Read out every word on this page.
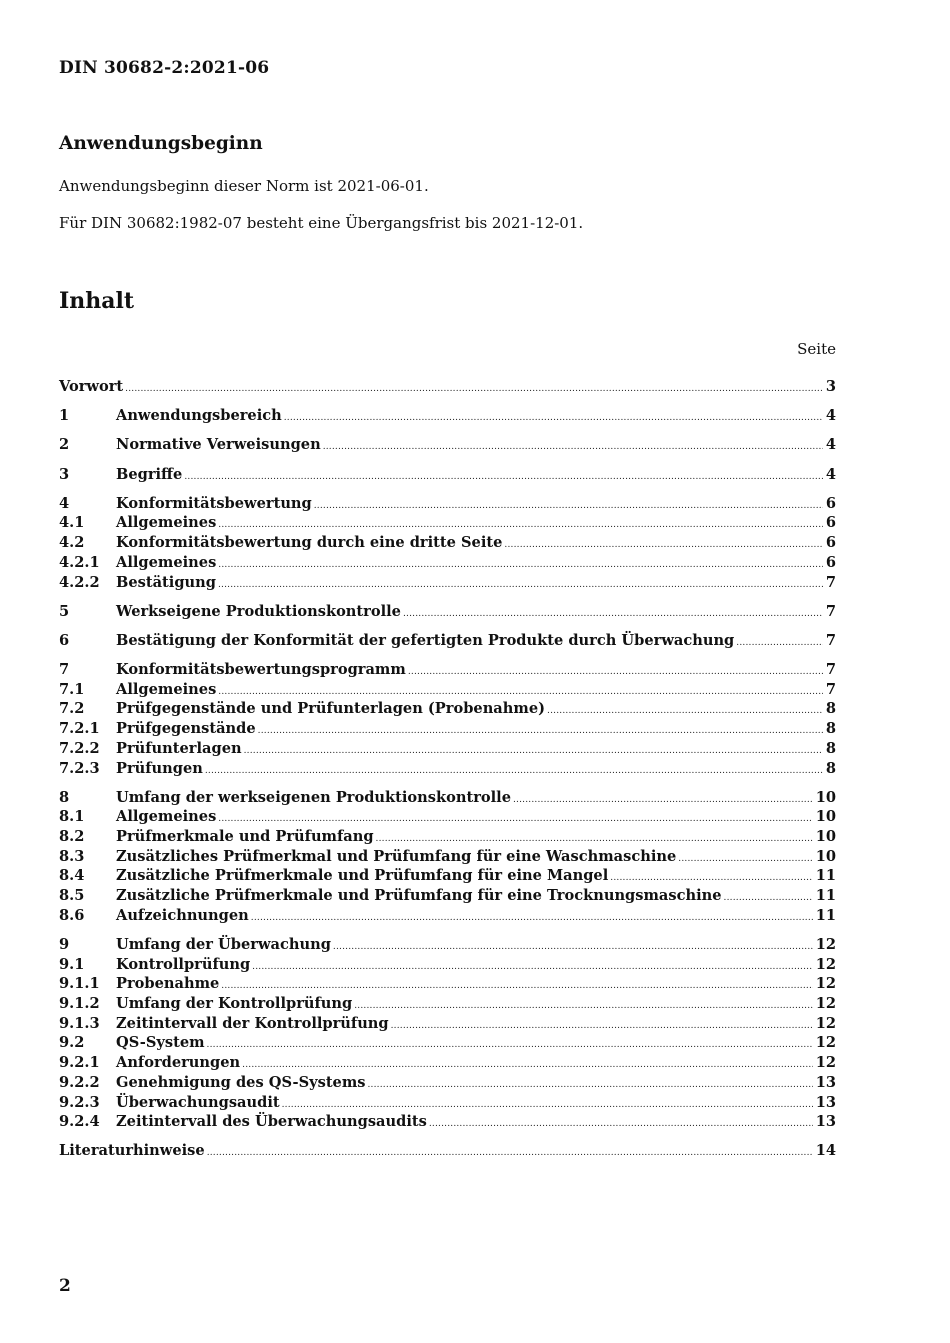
DIN 30682-2:2021-06
Anwendungsbeginn
Anwendungsbeginn dieser Norm ist 2021-06-01.
Für DIN 30682:1982-07 besteht eine Übergangsfrist bis 2021-12-01.
Inhalt
Seite
Vorwort .....	3
1	Anwendungsbereich .....	4
2	Normative Verweisungen .....	4
3	Begriffe .....	4
4	Konformitätsbewertung .....	6
4.1	Allgemeines .....	6
4.2	Konformitätsbewertung durch eine dritte Seite .....	6
4.2.1	Allgemeines .....	6
4.2.2	Bestätigung .....	7
5	Werkseigene Produktionskontrolle .....	7
6	Bestätigung der Konformität der gefertigten Produkte durch Überwachung .....	7
7	Konformitätsbewertungsprogramm .....	7
7.1	Allgemeines .....	7
7.2	Prüfgegenstände und Prüfunterlagen (Probenahme) .....	8
7.2.1	Prüfgegenstände .....	8
7.2.2	Prüfunterlagen .....	8
7.2.3	Prüfungen .....	8
8	Umfang der werkseigenen Produktionskontrolle .....	10
8.1	Allgemeines .....	10
8.2	Prüfmerkmale und Prüfumfang .....	10
8.3	Zusätzliches Prüfmerkmal und Prüfumfang für eine Waschmaschine .....	10
8.4	Zusätzliche Prüfmerkmale und Prüfumfang für eine Mangel .....	11
8.5	Zusätzliche Prüfmerkmale und Prüfumfang für eine Trocknungsmaschine .....	11
8.6	Aufzeichnungen .....	11
9	Umfang der Überwachung .....	12
9.1	Kontrollprüfung .....	12
9.1.1	Probenahme .....	12
9.1.2	Umfang der Kontrollprüfung .....	12
9.1.3	Zeitintervall der Kontrollprüfung .....	12
9.2	QS-System .....	12
9.2.1	Anforderungen .....	12
9.2.2	Genehmigung des QS-Systems .....	13
9.2.3	Überwachungsaudit .....	13
9.2.4	Zeitintervall des Überwachungsaudits .....	13
Literaturhinweise .....	14
2
